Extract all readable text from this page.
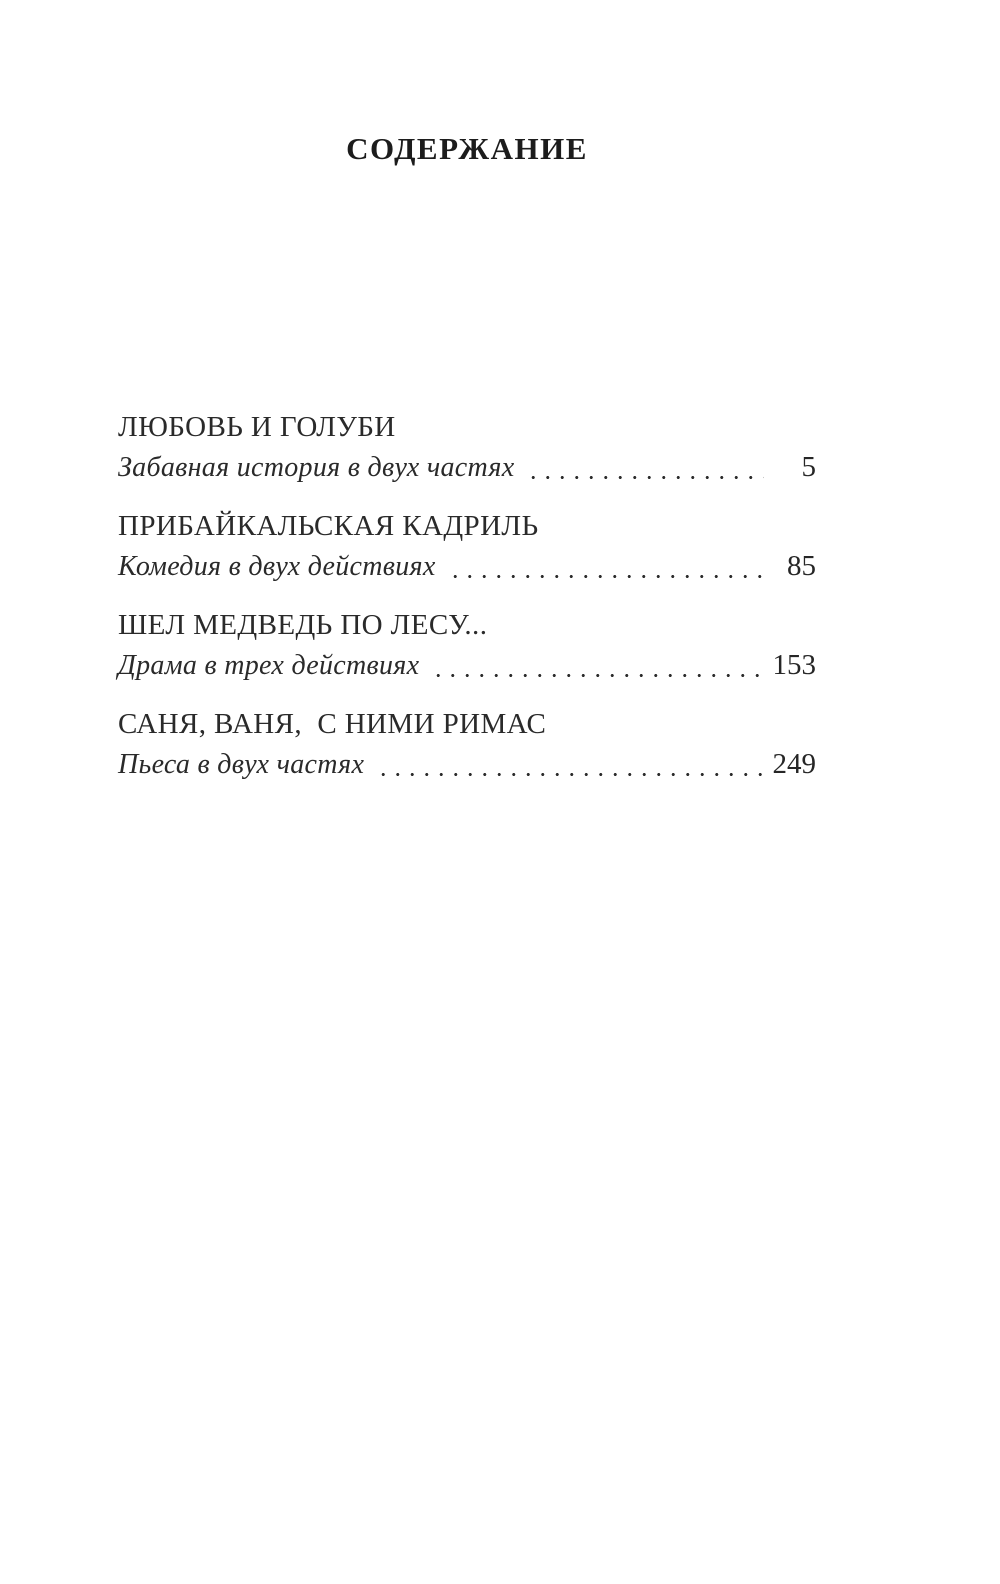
СОДЕРЖАНИЕ
ЛЮБОВЬ И ГОЛУБИ
Забавная история в двух частях	5
ПРИБАЙКАЛЬСКАЯ КАДРИЛЬ
Комедия в двух действиях	85
ШЕЛ МЕДВЕДЬ ПО ЛЕСУ...
Драма в трех действиях	153
САНЯ, ВАНЯ,  С НИМИ РИМАС
Пьеса в двух частях	249
